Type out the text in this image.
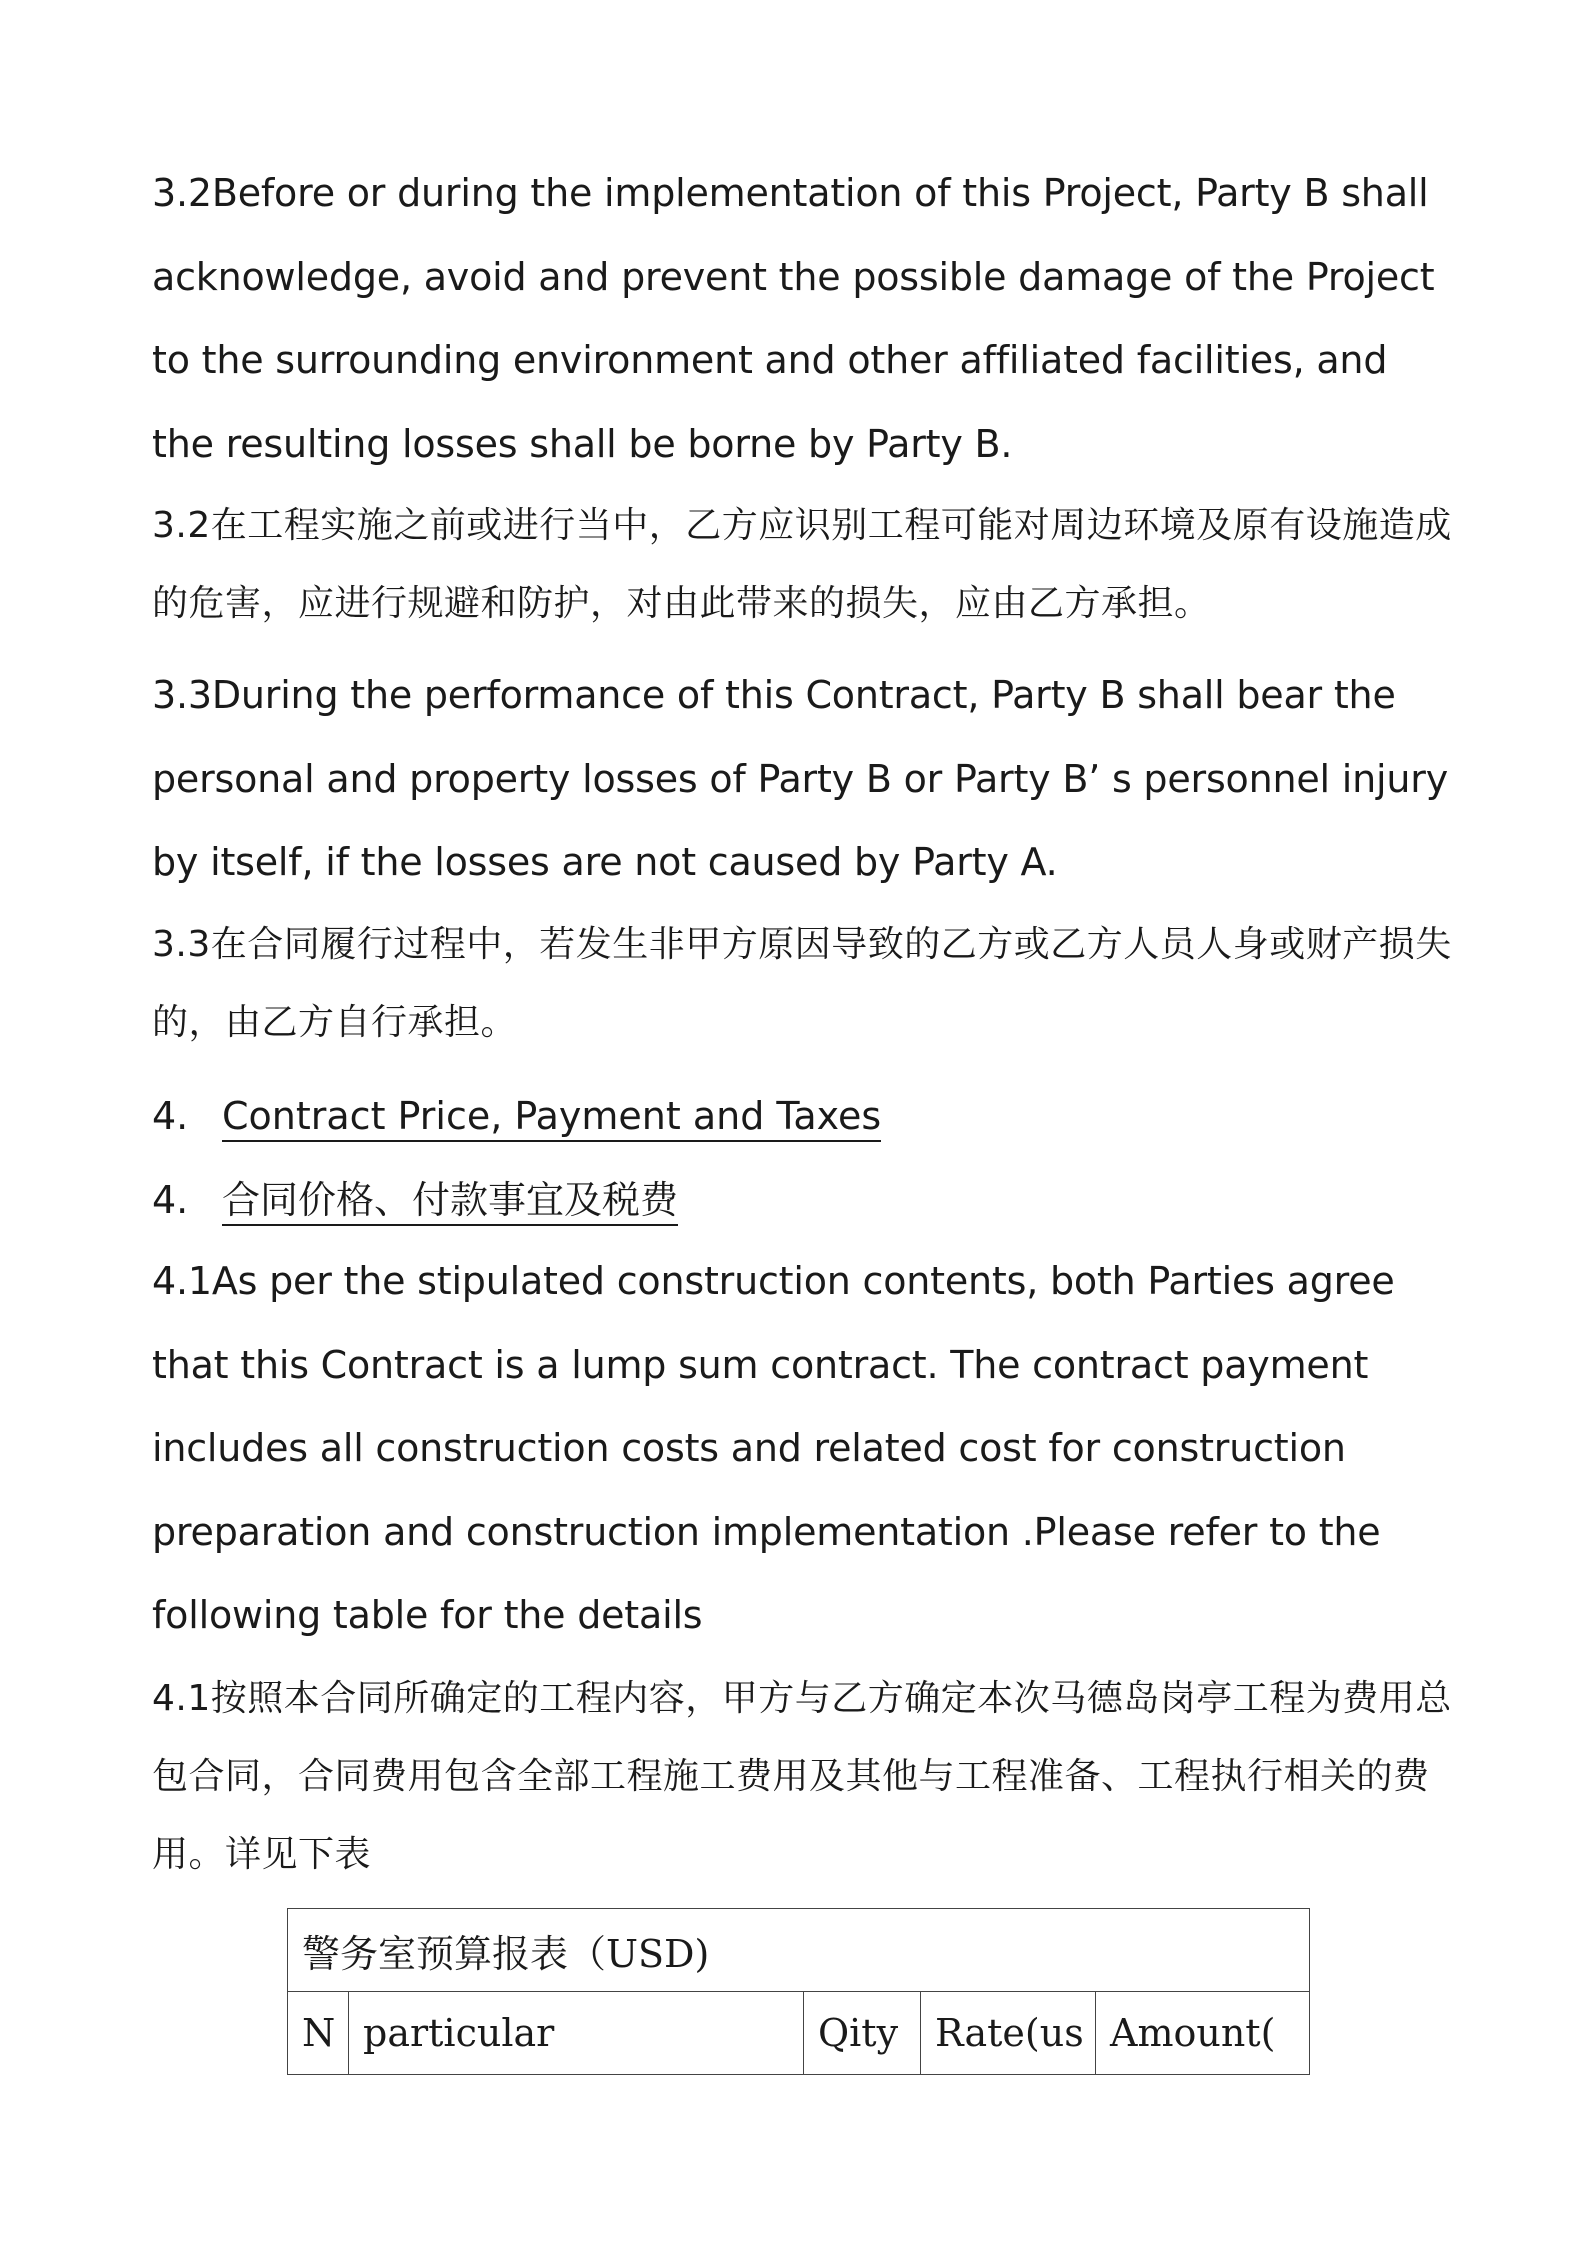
3.2Before or during the implementation of this Project, Party B shall acknowledge, avoid and prevent the possible damage of the Project to the surrounding environment and other affiliated facilities, and the resulting losses shall be borne by Party B.

3.2在工程实施之前或进行当中，乙方应识别工程可能对周边环境及原有设施造成的危害，应进行规避和防护，对由此带来的损失，应由乙方承担。

3.3During the performance of this Contract, Party B shall bear the personal and property losses of Party B or Party B’ s personnel injury by itself, if the losses are not caused by Party A.

3.3在合同履行过程中，若发生非甲方原因导致的乙方或乙方人员人身或财产损失的，由乙方自行承担。

4. Contract Price, Payment and Taxes
4. 合同价格、付款事宜及税费

4.1As per the stipulated construction contents, both Parties agree that this Contract is a lump sum contract. The contract payment includes all construction costs and related cost for construction preparation and construction implementation .Please refer to the following table for the details

4.1按照本合同所确定的工程内容，甲方与乙方确定本次马德岛岗亭工程为费用总包合同，合同费用包含全部工程施工费用及其他与工程准备、工程执行相关的费用。详见下表

警务室预算报表（USD)
N	particular	Qity	Rate(us	Amount(
